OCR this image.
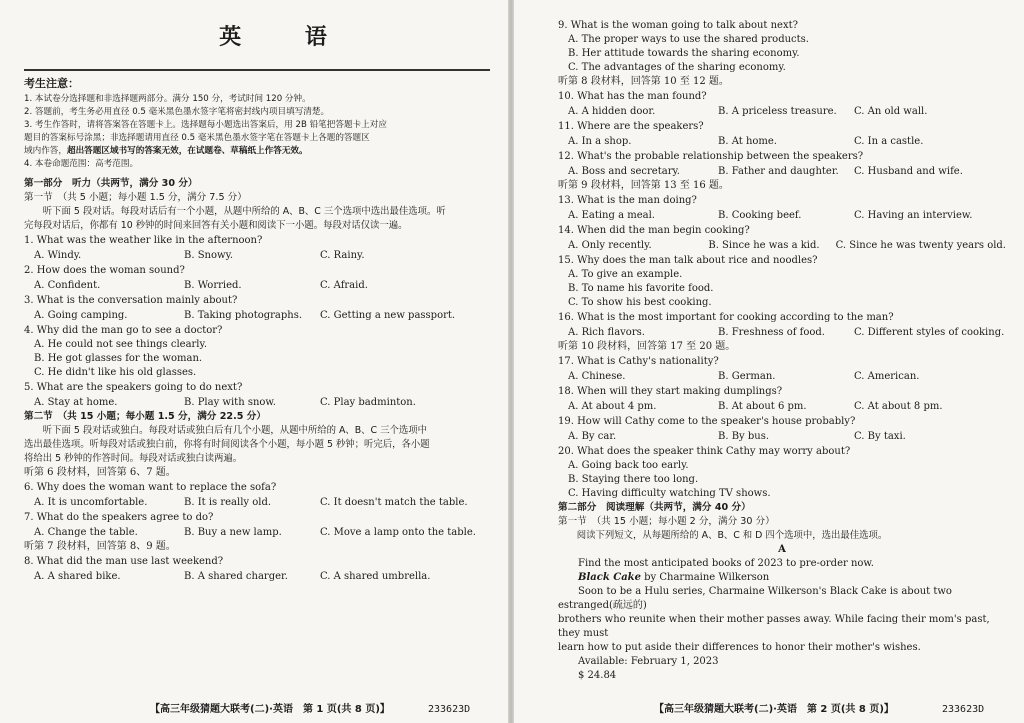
英 语
考生注意：
1. 本试卷分选择题和非选择题两部分。满分 150 分，考试时间 120 分钟。
2. 答题前，考生务必用直径 0.5 毫米黑色墨水签字笔将密封线内项目填写清楚。
3. 考生作答时，请将答案答在答题卡上。选择题每小题选出答案后，用 2B 铅笔把答题卡上对应
题目的答案标号涂黑；非选择题请用直径 0.5 毫米黑色墨水签字笔在答题卡上各题的答题区
域内作答，超出答题区域书写的答案无效，在试题卷、草稿纸上作答无效。
4. 本卷命题范围：高考范围。
第一部分　听力（共两节，满分 30 分）
第一节　（共 5 小题；每小题 1.5 分，满分 7.5 分）
听下面 5 段对话。每段对话后有一个小题，从题中所给的 A、B、C 三个选项中选出最佳选项。听
完每段对话后，你都有 10 秒钟的时间来回答有关小题和阅读下一小题。每段对话仅读一遍。
1. What was the weather like in the afternoon?
A. Windy.	B. Snowy.	C. Rainy.
2. How does the woman sound?
A. Confident.	B. Worried.	C. Afraid.
3. What is the conversation mainly about?
A. Going camping.	B. Taking photographs.	C. Getting a new passport.
4. Why did the man go to see a doctor?
A. He could not see things clearly.
B. He got glasses for the woman.
C. He didn't like his old glasses.
5. What are the speakers going to do next?
A. Stay at home.	B. Play with snow.	C. Play badminton.
第二节　（共 15 小题；每小题 1.5 分，满分 22.5 分）
听下面 5 段对话或独白。每段对话或独白后有几个小题，从题中所给的 A、B、C 三个选项中
选出最佳选项。听每段对话或独白前，你将有时间阅读各个小题，每小题 5 秒钟；听完后，各小题
将给出 5 秒钟的作答时间。每段对话或独白读两遍。
听第 6 段材料，回答第 6、7 题。
6. Why does the woman want to replace the sofa?
A. It is uncomfortable.	B. It is really old.	C. It doesn't match the table.
7. What do the speakers agree to do?
A. Change the table.	B. Buy a new lamp.	C. Move a lamp onto the table.
听第 7 段材料，回答第 8、9 题。
8. What did the man use last weekend?
A. A shared bike.	B. A shared charger.	C. A shared umbrella.
【高三年级猜题大联考(二)·英语　第 1 页(共 8 页)】	233623D
9. What is the woman going to talk about next?
A. The proper ways to use the shared products.
B. Her attitude towards the sharing economy.
C. The advantages of the sharing economy.
听第 8 段材料，回答第 10 至 12 题。
10. What has the man found?
A. A hidden door.	B. A priceless treasure.	C. An old wall.
11. Where are the speakers?
A. In a shop.	B. At home.	C. In a castle.
12. What's the probable relationship between the speakers?
A. Boss and secretary.	B. Father and daughter.	C. Husband and wife.
听第 9 段材料，回答第 13 至 16 题。
13. What is the man doing?
A. Eating a meal.	B. Cooking beef.	C. Having an interview.
14. When did the man begin cooking?
A. Only recently.	B. Since he was a kid.	C. Since he was twenty years old.
15. Why does the man talk about rice and noodles?
A. To give an example.
B. To name his favorite food.
C. To show his best cooking.
16. What is the most important for cooking according to the man?
A. Rich flavors.	B. Freshness of food.	C. Different styles of cooking.
听第 10 段材料，回答第 17 至 20 题。
17. What is Cathy's nationality?
A. Chinese.	B. German.	C. American.
18. When will they start making dumplings?
A. At about 4 pm.	B. At about 6 pm.	C. At about 8 pm.
19. How will Cathy come to the speaker's house probably?
A. By car.	B. By bus.	C. By taxi.
20. What does the speaker think Cathy may worry about?
A. Going back too early.
B. Staying there too long.
C. Having difficulty watching TV shows.
第二部分　阅读理解（共两节，满分 40 分）
第一节　（共 15 小题；每小题 2 分，满分 30 分）
阅读下列短文，从每题所给的 A、B、C 和 D 四个选项中，选出最佳选项。
A
Find the most anticipated books of 2023 to pre-order now.
Black Cake by Charmaine Wilkerson
Soon to be a Hulu series, Charmaine Wilkerson's Black Cake is about two estranged(疏远的)
brothers who reunite when their mother passes away. While facing their mom's past, they must
learn how to put aside their differences to honor their mother's wishes.
Available: February 1, 2023
$ 24.84
【高三年级猜题大联考(二)·英语　第 2 页(共 8 页)】	233623D
